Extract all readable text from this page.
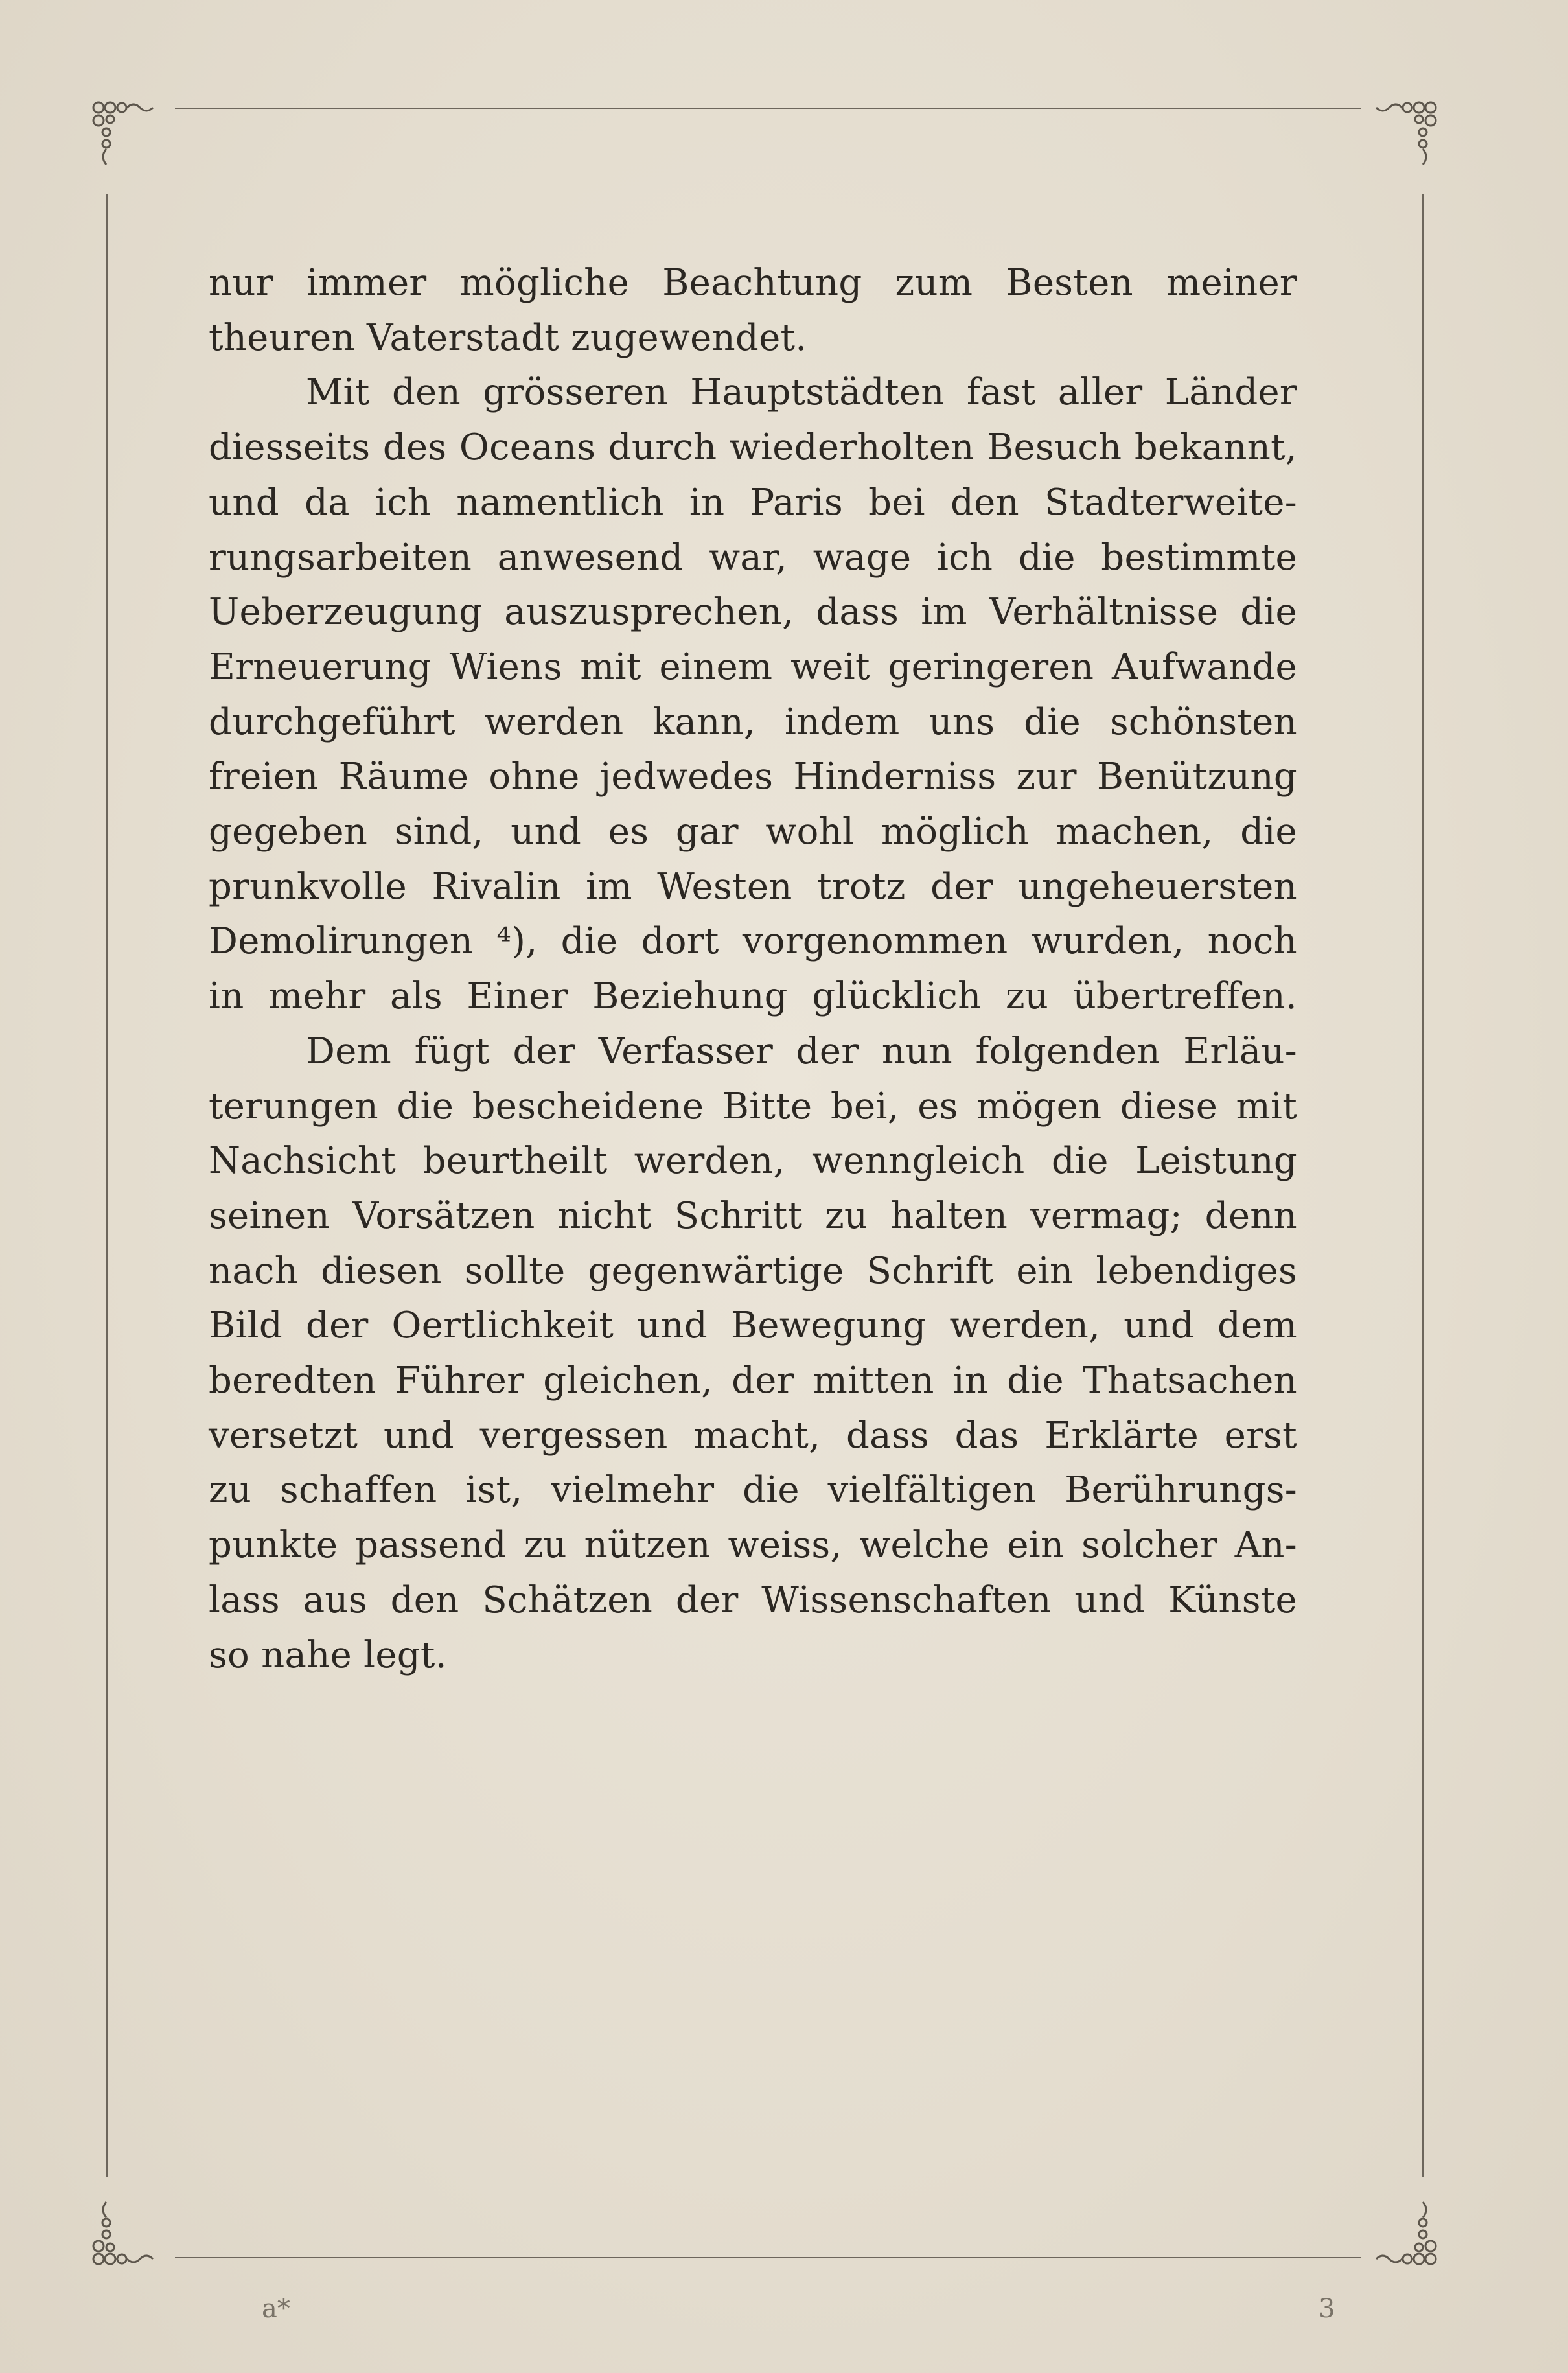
nur immer mögliche Beachtung zum Besten meiner
theuren Vaterstadt zugewendet.
Mit den grösseren Hauptstädten fast aller Länder
diesseits des Oceans durch wiederholten Besuch bekannt,
und da ich namentlich in Paris bei den Stadterweite-
rungsarbeiten anwesend war, wage ich die bestimmte
Ueberzeugung auszusprechen, dass im Verhältnisse die
Erneuerung Wiens mit einem weit geringeren Aufwande
durchgeführt werden kann, indem uns die schönsten
freien Räume ohne jedwedes Hinderniss zur Benützung
gegeben sind, und es gar wohl möglich machen, die
prunkvolle Rivalin im Westen trotz der ungeheuersten
Demolirungen ⁴), die dort vorgenommen wurden, noch
in mehr als Einer Beziehung glücklich zu übertreffen.
Dem fügt der Verfasser der nun folgenden Erläu-
terungen die bescheidene Bitte bei, es mögen diese mit
Nachsicht beurtheilt werden, wenngleich die Leistung
seinen Vorsätzen nicht Schritt zu halten vermag; denn
nach diesen sollte gegenwärtige Schrift ein lebendiges
Bild der Oertlichkeit und Bewegung werden, und dem
beredten Führer gleichen, der mitten in die Thatsachen
versetzt und vergessen macht, dass das Erklärte erst
zu schaffen ist, vielmehr die vielfältigen Berührungs-
punkte passend zu nützen weiss, welche ein solcher An-
lass aus den Schätzen der Wissenschaften und Künste
so nahe legt.
a*	3
